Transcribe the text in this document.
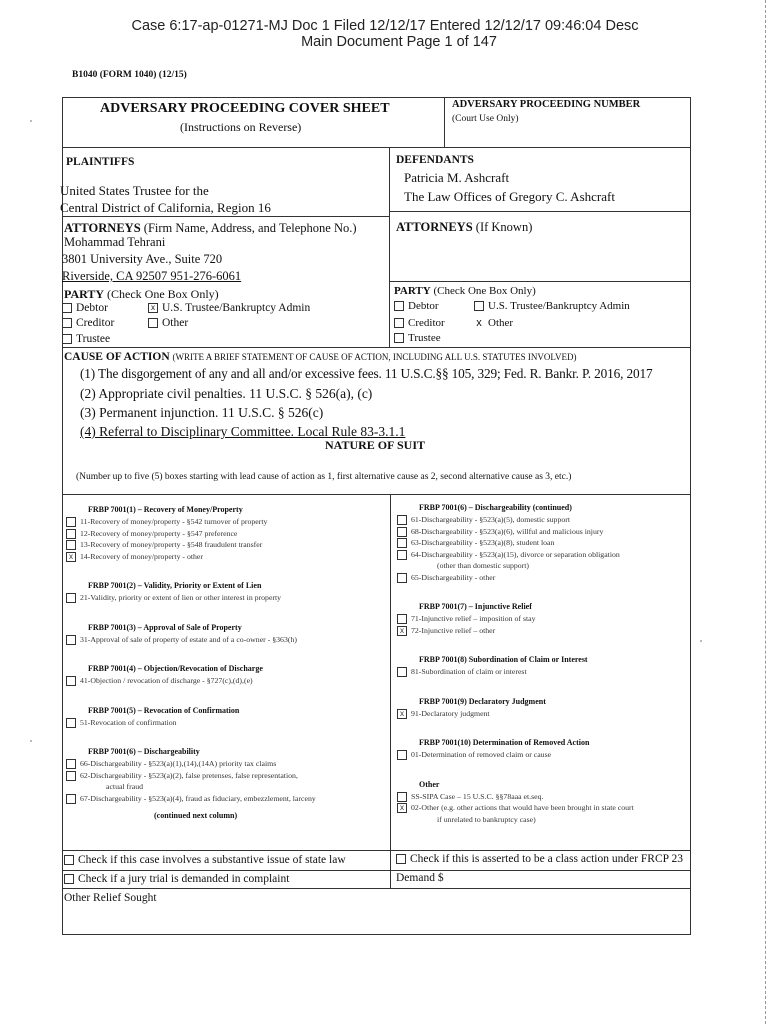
Case 6:17-ap-01271-MJ Doc 1 Filed 12/12/17 Entered 12/12/17 09:46:04 Desc
Main Document Page 1 of 147
B1040 (FORM 1040) (12/15)
ADVERSARY PROCEEDING COVER SHEET
(Instructions on Reverse)
ADVERSARY PROCEEDING NUMBER
(Court Use Only)
PLAINTIFFS
United States Trustee for the
Central District of California, Region 16
DEFENDANTS
Patricia M. Ashcraft
The Law Offices of Gregory C. Ashcraft
ATTORNEYS (Firm Name, Address, and Telephone No.)
Mohammad Tehrani
3801 University Ave., Suite 720
Riverside, CA 92507 951-276-6061
ATTORNEYS (If Known)
PARTY (Check One Box Only)
Debtor	x U.S. Trustee/Bankruptcy Admin
Creditor	Other
Trustee
PARTY (Check One Box Only)
Debtor	U.S. Trustee/Bankruptcy Admin
Creditor	x Other
Trustee
CAUSE OF ACTION (WRITE A BRIEF STATEMENT OF CAUSE OF ACTION, INCLUDING ALL U.S. STATUTES INVOLVED)
(1) The disgorgement of any and all and/or excessive fees. 11 U.S.C.§§ 105, 329; Fed. R. Bankr. P. 2016, 2017
(2) Appropriate civil penalties. 11 U.S.C. § 526(a), (c)
(3) Permanent injunction. 11 U.S.C. § 526(c)
(4) Referral to Disciplinary Committee. Local Rule 83-3.1.1
NATURE OF SUIT
(Number up to five (5) boxes starting with lead cause of action as 1, first alternative cause as 2, second alternative cause as 3, etc.)
FRBP 7001(1) – Recovery of Money/Property
11-Recovery of money/property - §542 turnover of property
12-Recovery of money/property - §547 preference
13-Recovery of money/property - §548 fraudulent transfer
x 14-Recovery of money/property - other
FRBP 7001(2) – Validity, Priority or Extent of Lien
21-Validity, priority or extent of lien or other interest in property
FRBP 7001(3) – Approval of Sale of Property
31-Approval of sale of property of estate and of a co-owner - §363(h)
FRBP 7001(4) – Objection/Revocation of Discharge
41-Objection / revocation of discharge - §727(c),(d),(e)
FRBP 7001(5) – Revocation of Confirmation
51-Revocation of confirmation
FRBP 7001(6) – Dischargeability
66-Dischargeability - §523(a)(1),(14),(14A) priority tax claims
62-Dischargeability - §523(a)(2), false pretenses, false representation,
actual fraud
67-Dischargeability - §523(a)(4), fraud as fiduciary, embezzlement, larceny
(continued next column)
FRBP 7001(6) – Dischargeability (continued)
61-Dischargeability - §523(a)(5), domestic support
68-Dischargeability - §523(a)(6), willful and malicious injury
63-Dischargeability - §523(a)(8), student loan
64-Dischargeability - §523(a)(15), divorce or separation obligation
(other than domestic support)
65-Dischargeability - other
FRBP 7001(7) – Injunctive Relief
71-Injunctive relief – imposition of stay
x 72-Injunctive relief – other
FRBP 7001(8) Subordination of Claim or Interest
81-Subordination of claim or interest
FRBP 7001(9) Declaratory Judgment
x 91-Declaratory judgment
FRBP 7001(10) Determination of Removed Action
01-Determination of removed claim or cause
Other
SS-SIPA Case – 15 U.S.C. §§78aaa et.seq.
x 02-Other (e.g. other actions that would have been brought in state court
if unrelated to bankruptcy case)
Check if this case involves a substantive issue of state law	Check if this is asserted to be a class action under FRCP 23
Check if a jury trial is demanded in complaint	Demand $
Other Relief Sought
